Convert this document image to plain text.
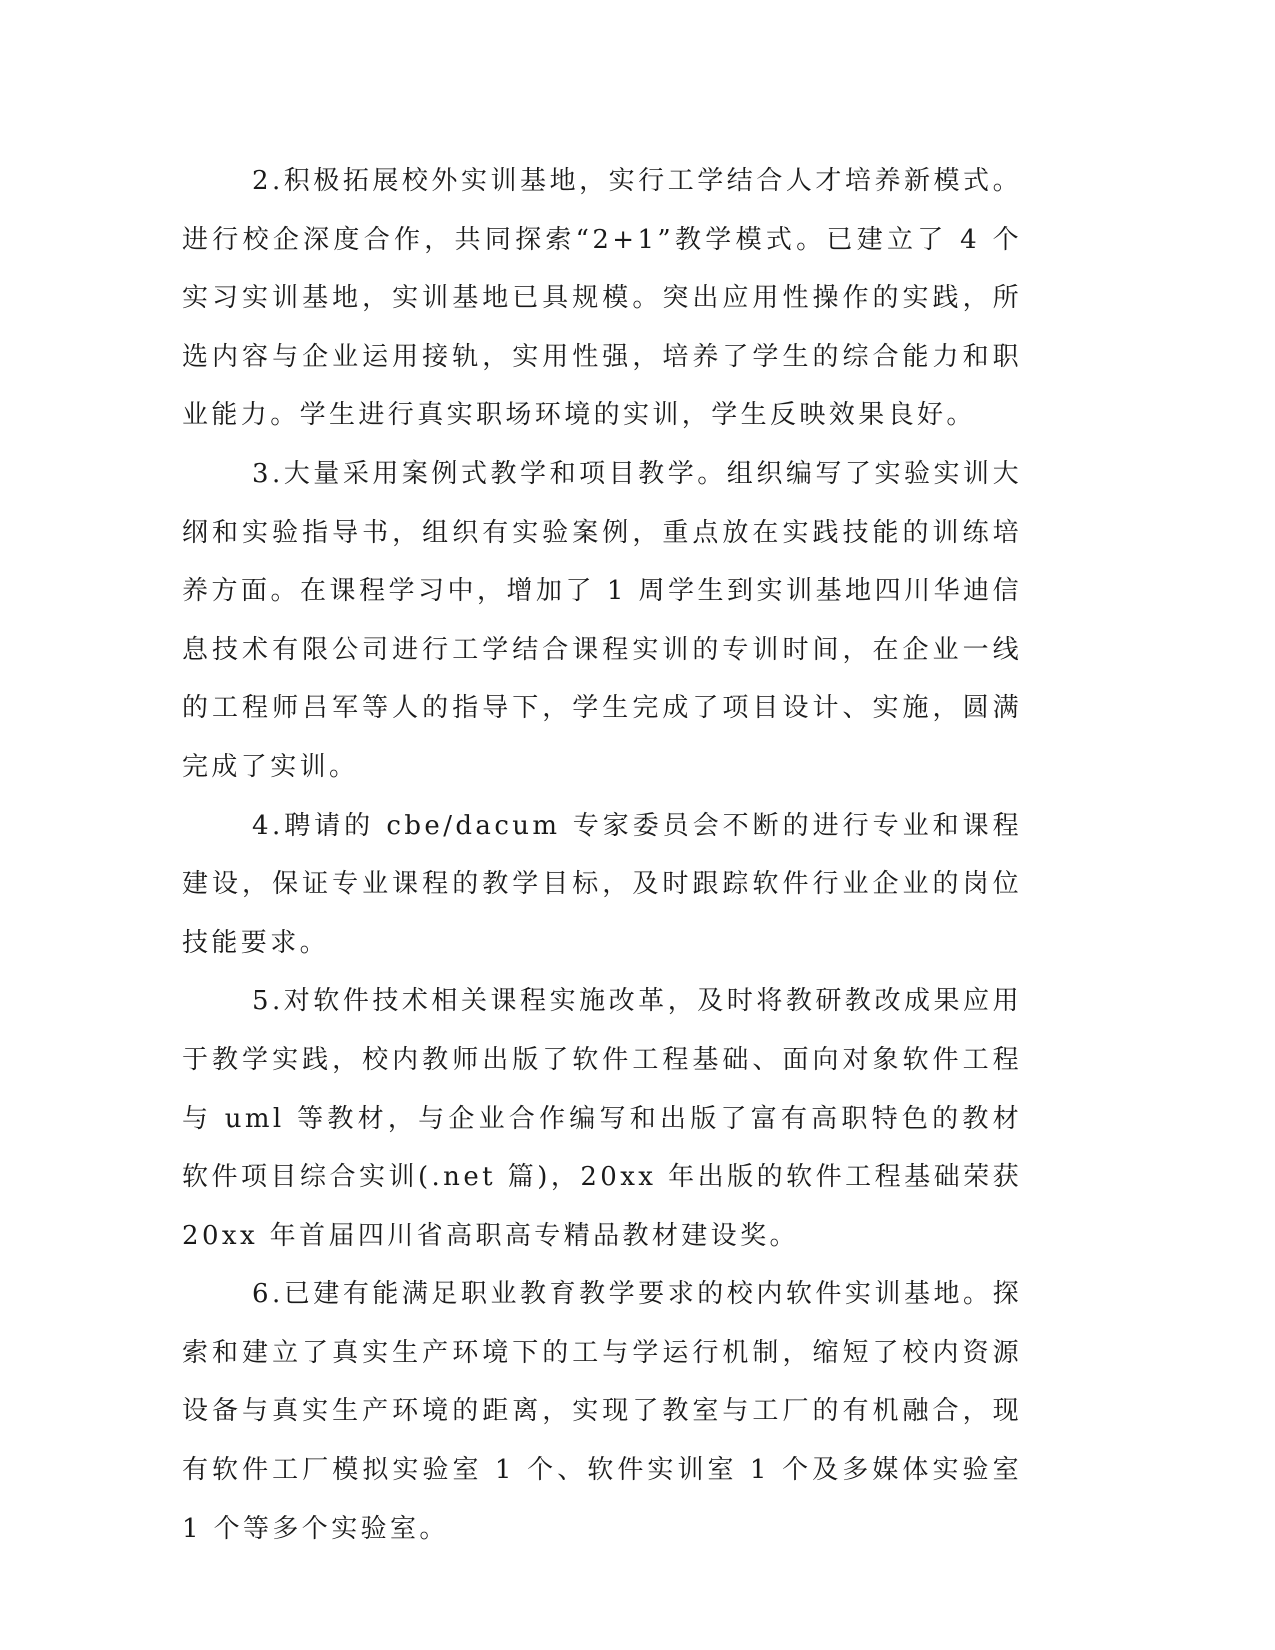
2.积极拓展校外实训基地，实行工学结合人才培养新模式。进行校企深度合作，共同探索“2+1”教学模式。已建立了 4 个实习实训基地，实训基地已具规模。突出应用性操作的实践，所选内容与企业运用接轨，实用性强，培养了学生的综合能力和职业能力。学生进行真实职场环境的实训，学生反映效果良好。

3.大量采用案例式教学和项目教学。组织编写了实验实训大纲和实验指导书，组织有实验案例，重点放在实践技能的训练培养方面。在课程学习中，增加了 1 周学生到实训基地四川华迪信息技术有限公司进行工学结合课程实训的专训时间，在企业一线的工程师吕军等人的指导下，学生完成了项目设计、实施，圆满完成了实训。

4.聘请的 cbe/dacum 专家委员会不断的进行专业和课程建设，保证专业课程的教学目标，及时跟踪软件行业企业的岗位技能要求。

5.对软件技术相关课程实施改革，及时将教研教改成果应用于教学实践，校内教师出版了软件工程基础、面向对象软件工程与 uml 等教材，与企业合作编写和出版了富有高职特色的教材软件项目综合实训(.net 篇)，20xx 年出版的软件工程基础荣获 20xx 年首届四川省高职高专精品教材建设奖。

6.已建有能满足职业教育教学要求的校内软件实训基地。探索和建立了真实生产环境下的工与学运行机制，缩短了校内资源设备与真实生产环境的距离，实现了教室与工厂的有机融合，现有软件工厂模拟实验室 1 个、软件实训室 1 个及多媒体实验室 1 个等多个实验室。
